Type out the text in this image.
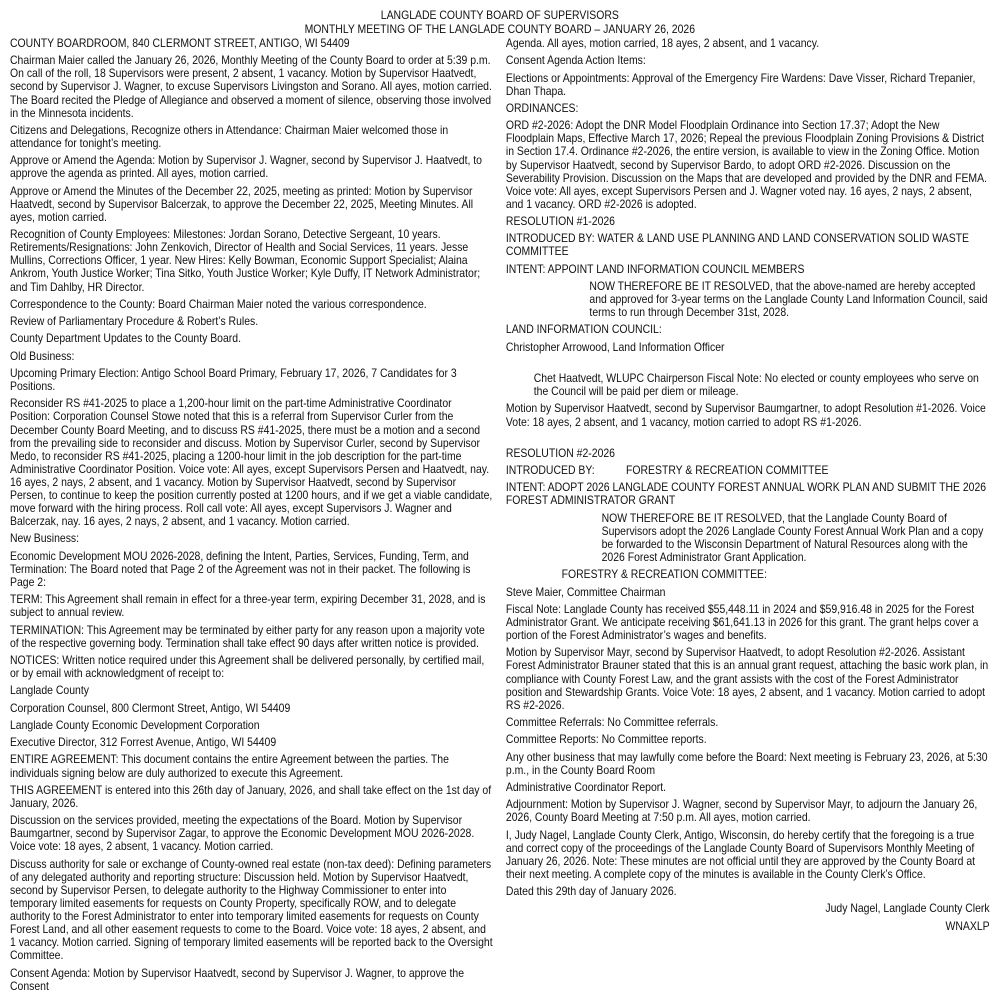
LANGLADE COUNTY BOARD OF SUPERVISORS
MONTHLY MEETING OF THE LANGLADE COUNTY BOARD – JANUARY 26, 2026

COUNTY BOARDROOM, 840 CLERMONT STREET, ANTIGO, WI 54409

Chairman Maier called the January 26, 2026, Monthly Meeting of the County Board to order at 5:39 p.m. On call of the roll, 18 Supervisors were present, 2 absent, 1 vacancy. Motion by Supervisor Haatvedt, second by Supervisor J. Wagner, to excuse Supervisors Livingston and Sorano. All ayes, motion carried. The Board recited the Pledge of Allegiance and observed a moment of silence, observing those involved in the Minnesota incidents.

Citizens and Delegations, Recognize others in Attendance: Chairman Maier welcomed those in attendance for tonight’s meeting.

Approve or Amend the Agenda: Motion by Supervisor J. Wagner, second by Supervisor J. Haatvedt, to approve the agenda as printed. All ayes, motion carried.

Approve or Amend the Minutes of the December 22, 2025, meeting as printed: Motion by Supervisor Haatvedt, second by Supervisor Balcerzak, to approve the December 22, 2025, Meeting Minutes. All ayes, motion carried.

Recognition of County Employees: Milestones: Jordan Sorano, Detective Sergeant, 10 years. Retirements/Resignations: John Zenkovich, Director of Health and Social Services, 11 years. Jesse Mullins, Corrections Officer, 1 year. New Hires: Kelly Bowman, Economic Support Specialist; Alaina Ankrom, Youth Justice Worker; Tina Sitko, Youth Justice Worker; Kyle Duffy, IT Network Administrator; and Tim Dahlby, HR Director.

Correspondence to the County: Board Chairman Maier noted the various correspondence.

Review of Parliamentary Procedure & Robert’s Rules.

County Department Updates to the County Board.

Old Business:

Upcoming Primary Election: Antigo School Board Primary, February 17, 2026, 7 Candidates for 3 Positions.

Reconsider RS #41-2025 to place a 1,200-hour limit on the part-time Administrative Coordinator Position: Corporation Counsel Stowe noted that this is a referral from Supervisor Curler from the December County Board Meeting, and to discuss RS #41-2025, there must be a motion and a second from the prevailing side to reconsider and discuss. Motion by Supervisor Curler, second by Supervisor Medo, to reconsider RS #41-2025, placing a 1200-hour limit in the job description for the part-time Administrative Coordinator Position. Voice vote: All ayes, except Supervisors Persen and Haatvedt, nay. 16 ayes, 2 nays, 2 absent, and 1 vacancy. Motion by Supervisor Haatvedt, second by Supervisor Persen, to continue to keep the position currently posted at 1200 hours, and if we get a viable candidate, move forward with the hiring process. Roll call vote: All ayes, except Supervisors J. Wagner and Balcerzak, nay. 16 ayes, 2 nays, 2 absent, and 1 vacancy. Motion carried.

New Business:

Economic Development MOU 2026-2028, defining the Intent, Parties, Services, Funding, Term, and Termination: The Board noted that Page 2 of the Agreement was not in their packet. The following is Page 2:

TERM: This Agreement shall remain in effect for a three-year term, expiring December 31, 2028, and is subject to annual review.

TERMINATION: This Agreement may be terminated by either party for any reason upon a majority vote of the respective governing body. Termination shall take effect 90 days after written notice is provided.

NOTICES: Written notice required under this Agreement shall be delivered personally, by certified mail, or by email with acknowledgment of receipt to:

Langlade County

Corporation Counsel, 800 Clermont Street, Antigo, WI 54409

Langlade County Economic Development Corporation

Executive Director, 312 Forrest Avenue, Antigo, WI 54409

ENTIRE AGREEMENT: This document contains the entire Agreement between the parties. The individuals signing below are duly authorized to execute this Agreement.

THIS AGREEMENT is entered into this 26th day of January, 2026, and shall take effect on the 1st day of January, 2026.

Discussion on the services provided, meeting the expectations of the Board. Motion by Supervisor Baumgartner, second by Supervisor Zagar, to approve the Economic Development MOU 2026-2028. Voice vote: 18 ayes, 2 absent, 1 vacancy. Motion carried.

Discuss authority for sale or exchange of County-owned real estate (non-tax deed): Defining parameters of any delegated authority and reporting structure: Discussion held. Motion by Supervisor Haatvedt, second by Supervisor Persen, to delegate authority to the Highway Commissioner to enter into temporary limited easements for requests on County Property, specifically ROW, and to delegate authority to the Forest Administrator to enter into temporary limited easements for requests on County Forest Land, and all other easement requests to come to the Board. Voice vote: 18 ayes, 2 absent, and 1 vacancy. Motion carried. Signing of temporary limited easements will be reported back to the Oversight Committee.

Consent Agenda: Motion by Supervisor Haatvedt, second by Supervisor J. Wagner, to approve the Consent

Agenda. All ayes, motion carried, 18 ayes, 2 absent, and 1 vacancy.

Consent Agenda Action Items:

Elections or Appointments: Approval of the Emergency Fire Wardens: Dave Visser, Richard Trepanier, Dhan Thapa.

ORDINANCES:

ORD #2-2026: Adopt the DNR Model Floodplain Ordinance into Section 17.37; Adopt the New Floodplain Maps, Effective March 17, 2026; Repeal the previous Floodplain Zoning Provisions & District in Section 17.4. Ordinance #2-2026, the entire version, is available to view in the Zoning Office. Motion by Supervisor Haatvedt, second by Supervisor Bardo, to adopt ORD #2-2026. Discussion on the Severability Provision. Discussion on the Maps that are developed and provided by the DNR and FEMA. Voice vote: All ayes, except Supervisors Persen and J. Wagner voted nay. 16 ayes, 2 nays, 2 absent, and 1 vacancy. ORD #2-2026 is adopted.

RESOLUTION #1-2026

INTRODUCED BY: WATER & LAND USE PLANNING AND LAND CONSERVATION SOLID WASTE COMMITTEE

INTENT: APPOINT LAND INFORMATION COUNCIL MEMBERS

NOW THEREFORE BE IT RESOLVED, that the above-named are hereby accepted and approved for 3-year terms on the Langlade County Land Information Council, said terms to run through December 31st, 2028.

LAND INFORMATION COUNCIL:

Christopher Arrowood, Land Information Officer

Chet Haatvedt, WLUPC Chairperson Fiscal Note: No elected or county employees who serve on the Council will be paid per diem or mileage.

Motion by Supervisor Haatvedt, second by Supervisor Baumgartner, to adopt Resolution #1-2026. Voice Vote: 18 ayes, 2 absent, and 1 vacancy, motion carried to adopt RS #1-2026.

RESOLUTION #2-2026

INTRODUCED BY:	FORESTRY & RECREATION COMMITTEE

INTENT: ADOPT 2026 LANGLADE COUNTY FOREST ANNUAL WORK PLAN AND SUBMIT THE 2026 FOREST ADMINISTRATOR GRANT

NOW THEREFORE BE IT RESOLVED, that the Langlade County Board of Supervisors adopt the 2026 Langlade County Forest Annual Work Plan and a copy be forwarded to the Wisconsin Department of Natural Resources along with the 2026 Forest Administrator Grant Application.

FORESTRY & RECREATION COMMITTEE:

Steve Maier, Committee Chairman

Fiscal Note: Langlade County has received $55,448.11 in 2024 and $59,916.48 in 2025 for the Forest Administrator Grant. We anticipate receiving $61,641.13 in 2026 for this grant. The grant helps cover a portion of the Forest Administrator’s wages and benefits.

Motion by Supervisor Mayr, second by Supervisor Haatvedt, to adopt Resolution #2-2026. Assistant Forest Administrator Brauner stated that this is an annual grant request, attaching the basic work plan, in compliance with County Forest Law, and the grant assists with the cost of the Forest Administrator position and Stewardship Grants. Voice Vote: 18 ayes, 2 absent, and 1 vacancy. Motion carried to adopt RS #2-2026.

Committee Referrals: No Committee referrals.

Committee Reports: No Committee reports.

Any other business that may lawfully come before the Board: Next meeting is February 23, 2026, at 5:30 p.m., in the County Board Room

Administrative Coordinator Report.

Adjournment: Motion by Supervisor J. Wagner, second by Supervisor Mayr, to adjourn the January 26, 2026, County Board Meeting at 7:50 p.m. All ayes, motion carried.

I, Judy Nagel, Langlade County Clerk, Antigo, Wisconsin, do hereby certify that the foregoing is a true and correct copy of the proceedings of the Langlade County Board of Supervisors Monthly Meeting of January 26, 2026. Note: These minutes are not official until they are approved by the County Board at their next meeting. A complete copy of the minutes is available in the County Clerk’s Office.

Dated this 29th day of January 2026.

Judy Nagel, Langlade County Clerk

WNAXLP
